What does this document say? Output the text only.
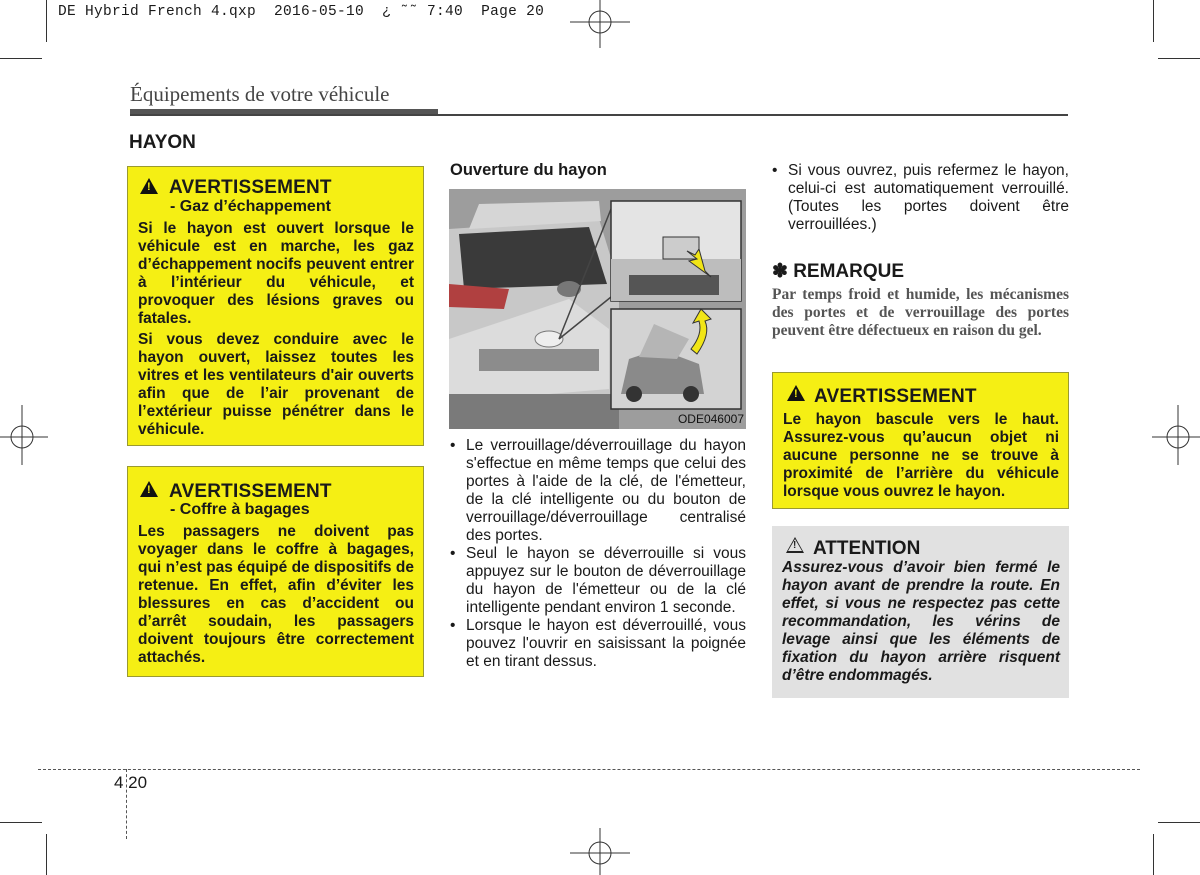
DE Hybrid French 4.qxp  2016-05-10  ¿ ˜˜ 7:40  Page 20
Équipements de votre véhicule
HAYON
!
AVERTISSEMENT
- Gaz d’échappement

Si le hayon est ouvert lorsque le véhicule est en marche, les gaz d’échappement nocifs peuvent entrer à l’intérieur du véhicule, et provoquer des lésions graves ou fatales.

Si vous devez conduire avec le hayon ouvert, laissez toutes les vitres et les ventilateurs d'air ouverts afin que de l’air provenant de l’extérieur puisse pénétrer dans le véhicule.

!
AVERTISSEMENT
- Coffre à bagages
Les passagers ne doivent pas voyager dans le coffre à bagages, qui n’est pas équipé de dispositifs de retenue. En effet, afin d’éviter les blessures en cas d’accident ou d’arrêt soudain, les passagers doivent toujours être correctement attachés.
Ouverture du hayon
ODE046007
• Le verrouillage/déverrouillage du hayon s'effectue en même temps que celui des portes à l'aide de la clé, de l'émetteur, de la clé intelligente ou du bouton de verrouillage/déverrouillage centralisé des portes.
• Seul le hayon se déverrouille si vous appuyez sur le bouton de déverrouillage du hayon de l'émetteur ou de la clé intelligente pendant environ 1 seconde.
• Lorsque le hayon est déverrouillé, vous pouvez l'ouvrir en saisissant la poignée et en tirant dessus.
• Si vous ouvrez, puis refermez le hayon, celui-ci est automatiquement verrouillé. (Toutes les portes doivent être verrouillées.)
✽ REMARQUE
Par temps froid et humide, les mécanismes des portes et de verrouillage des portes peuvent être défectueux en raison du gel.
!
AVERTISSEMENT
Le hayon bascule vers le haut. Assurez-vous qu’aucun objet ni aucune personne ne se trouve à proximité de l’arrière du véhicule lorsque vous ouvrez le hayon.
!
ATTENTION
Assurez-vous d’avoir bien fermé le hayon avant de prendre la route. En effet, si vous ne respectez pas cette recommandation, les vérins de levage ainsi que les éléments de fixation du hayon arrière risquent d’être endommagés.
4 20
